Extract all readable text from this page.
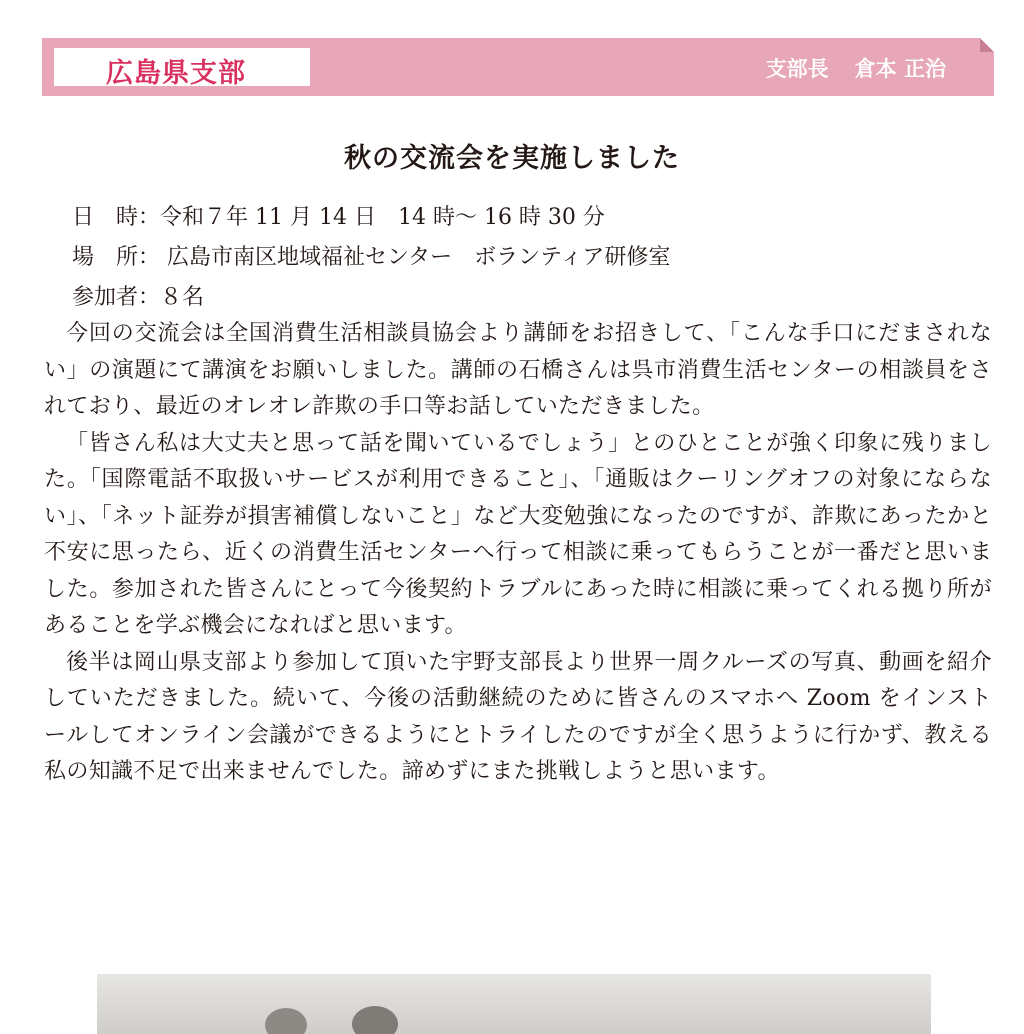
広島県支部	支部長 倉本 正治
秋の交流会を実施しました
日　時：令和７年 11 月 14 日　14 時～ 16 時 30 分
場　所： 広島市南区地域福祉センター　ボランティア研修室
参加者：８名

今回の交流会は全国消費生活相談員協会より講師をお招きして、「こんな手口にだまされない」の演題にて講演をお願いしました。講師の石橋さんは呉市消費生活センターの相談員をされており、最近のオレオレ詐欺の手口等お話していただきました。

「皆さん私は大丈夫と思って話を聞いているでしょう」とのひとことが強く印象に残りました。「国際電話不取扱いサービスが利用できること」、「通販はクーリングオフの対象にならない」、「ネット証券が損害補償しないこと」など大変勉強になったのですが、詐欺にあったかと不安に思ったら、近くの消費生活センターへ行って相談に乗ってもらうことが一番だと思いました。参加された皆さんにとって今後契約トラブルにあった時に相談に乗ってくれる拠り所があることを学ぶ機会になればと思います。

後半は岡山県支部より参加して頂いた宇野支部長より世界一周クルーズの写真、動画を紹介していただきました。続いて、今後の活動継続のために皆さんのスマホへ Zoom をインストールしてオンライン会議ができるようにとトライしたのですが全く思うように行かず、教える私の知識不足で出来ませんでした。諦めずにまた挑戦しようと思います。
